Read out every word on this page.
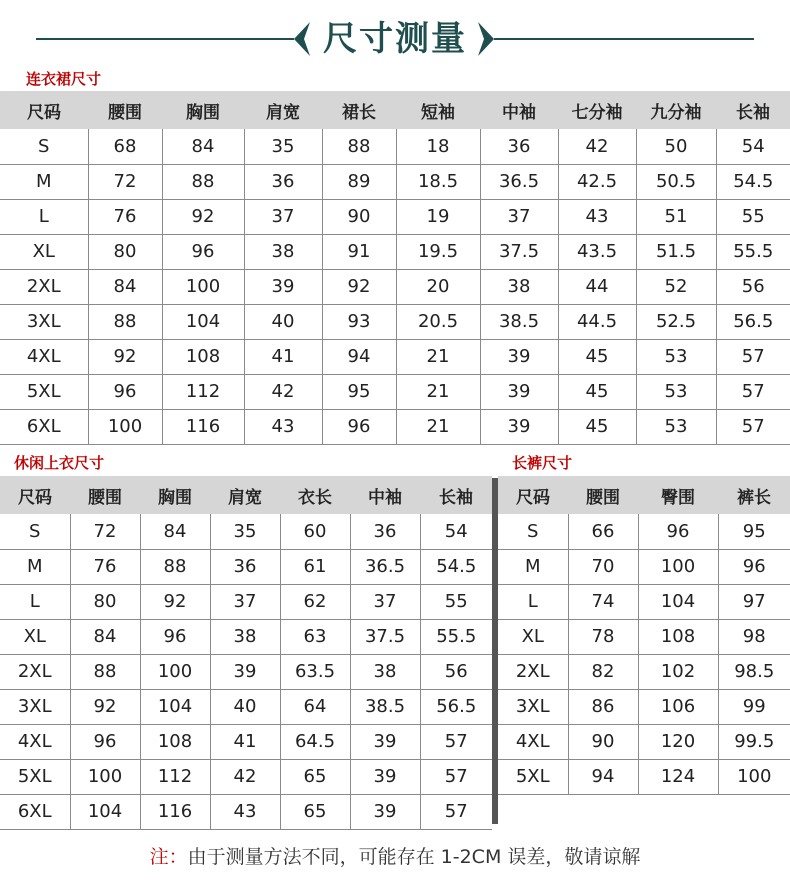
尺寸测量
连衣裙尺寸
尺码	腰围	胸围	肩宽	裙长	短袖	中袖	七分袖	九分袖	长袖
S	68	84	35	88	18	36	42	50	54
M	72	88	36	89	18.5	36.5	42.5	50.5	54.5
L	76	92	37	90	19	37	43	51	55
XL	80	96	38	91	19.5	37.5	43.5	51.5	55.5
2XL	84	100	39	92	20	38	44	52	56
3XL	88	104	40	93	20.5	38.5	44.5	52.5	56.5
4XL	92	108	41	94	21	39	45	53	57
5XL	96	112	42	95	21	39	45	53	57
6XL	100	116	43	96	21	39	45	53	57
休闲上衣尺寸
尺码	腰围	胸围	肩宽	衣长	中袖	长袖
S	72	84	35	60	36	54
M	76	88	36	61	36.5	54.5
L	80	92	37	62	37	55
XL	84	96	38	63	37.5	55.5
2XL	88	100	39	63.5	38	56
3XL	92	104	40	64	38.5	56.5
4XL	96	108	41	64.5	39	57
5XL	100	112	42	65	39	57
6XL	104	116	43	65	39	57
长裤尺寸
尺码	腰围	臀围	裤长
S	66	96	95
M	70	100	96
L	74	104	97
XL	78	108	98
2XL	82	102	98.5
3XL	86	106	99
4XL	90	120	99.5
5XL	94	124	100
注：由于测量方法不同，可能存在 1-2CM 误差，敬请谅解
